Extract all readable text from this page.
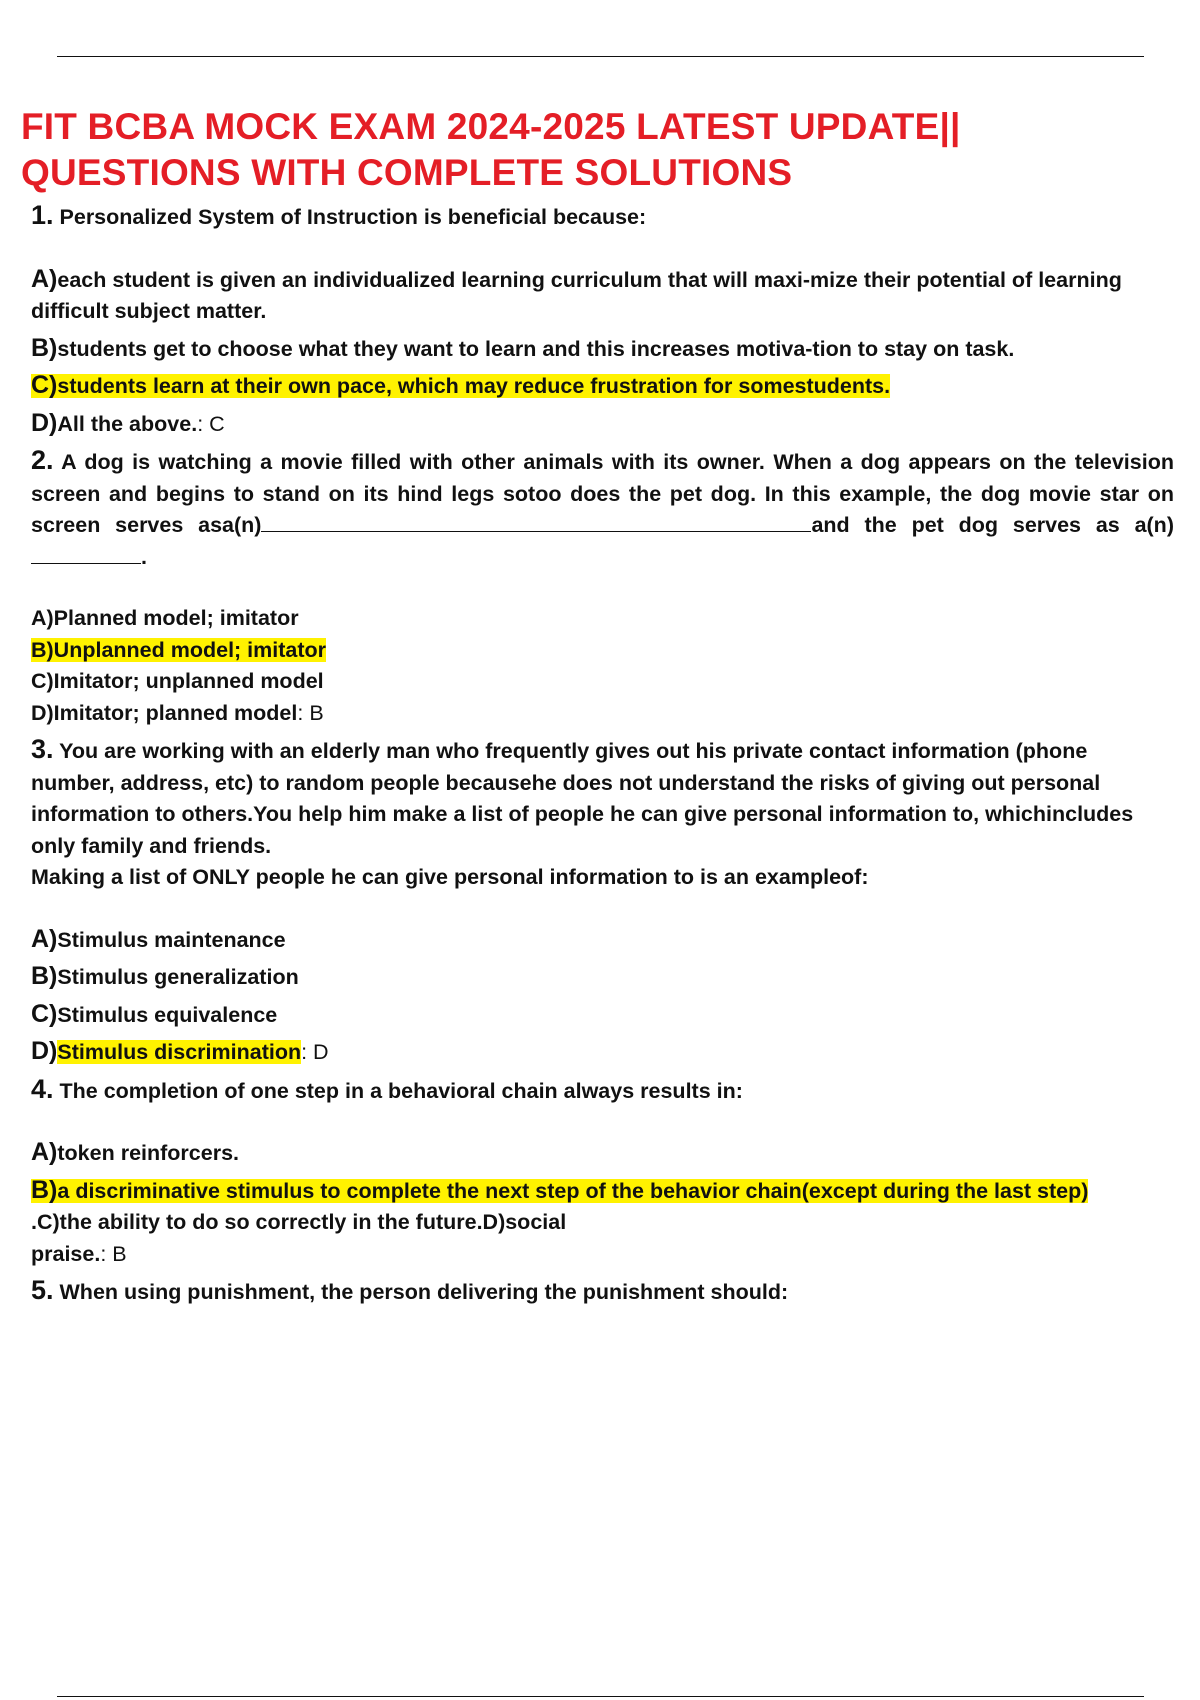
FIT BCBA MOCK EXAM 2024-2025 LATEST UPDATE||
QUESTIONS WITH COMPLETE SOLUTIONS
1. Personalized System of Instruction is beneficial because:
A)each student is given an individualized learning curriculum that will maxi-mize their potential of learning difficult subject matter.
B)students get to choose what they want to learn and this increases motiva-tion to stay on task.
C)students learn at their own pace, which may reduce frustration for somestudents.
D)All the above.: C
2. A dog is watching a movie filled with other animals with its owner. When a dog appears on the television screen and begins to stand on its hind legs sotoo does the pet dog. In this example, the dog movie star on screen serves asa(n)	and the pet dog serves as a(n).
A)Planned model; imitator
B)Unplanned model; imitator
C)Imitator; unplanned model
D)Imitator; planned model: B
3. You are working with an elderly man who frequently gives out his private contact information (phone number, address, etc) to random people becausehe does not understand the risks of giving out personal information to others.You help him make a list of people he can give personal information to, whichincludes only family and friends.
Making a list of ONLY people he can give personal information to is an exampleof:
A)Stimulus maintenance
B)Stimulus generalization
C)Stimulus equivalence
D)Stimulus discrimination: D
4. The completion of one step in a behavioral chain always results in:
A)token reinforcers.
B)a discriminative stimulus to complete the next step of the behavior chain(except during the last step)
.C)the ability to do so correctly in the future.D)social
praise.: B
5. When using punishment, the person delivering the punishment should:
